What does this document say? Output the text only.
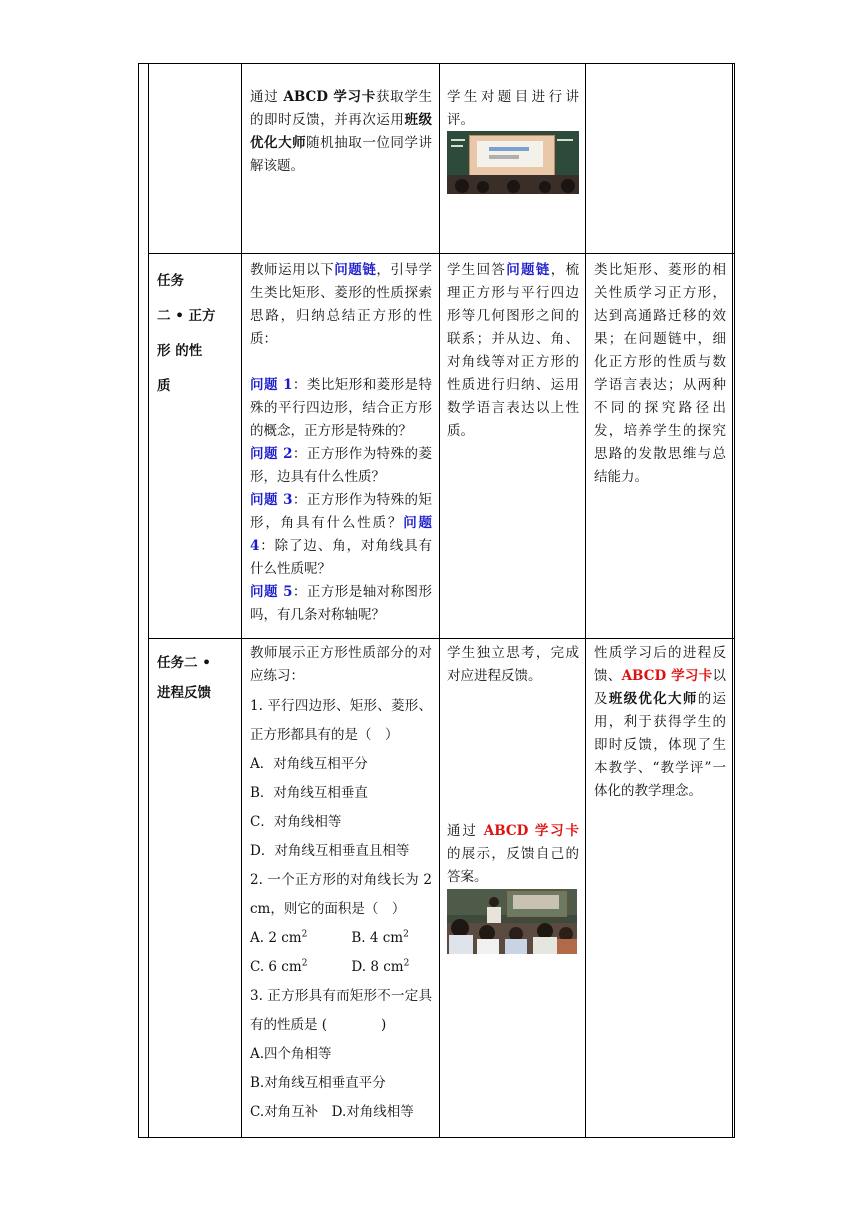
通过 ABCD 学习卡获取学生的即时反馈，并再次运用班级优化大师随机抽取一位同学讲解该题。

学生对题目进行讲评。

任务

二 • 正方

形 的性

质

教师运用以下问题链，引导学生类比矩形、菱形的性质探索思路，归纳总结正方形的性质：

问题 1：类比矩形和菱形是特殊的平行四边形，结合正方形的概念，正方形是特殊的？

问题 2：正方形作为特殊的菱形，边具有什么性质？

问题 3：正方形作为特殊的矩形，角具有什么性质？问题 4：除了边、角，对角线具有什么性质呢？

问题 5：正方形是轴对称图形吗，有几条对称轴呢？

学生回答问题链，梳理正方形与平行四边形等几何图形之间的联系；并从边、角、对角线等对正方形的性质进行归纳、运用数学语言表达以上性质。

类比矩形、菱形的相关性质学习正方形，达到高通路迁移的效果；在问题链中，细化正方形的性质与数学语言表达；从两种不同的探究路径出发，培养学生的探究思路的发散思维与总结能力。

任务二 •

进程反馈

教师展示正方形性质部分的对应练习：

1. 平行四边形、矩形、菱形、正方形都具有的是（　）

A．对角线互相平分

B．对角线互相垂直

C．对角线相等

D．对角线互相垂直且相等

2. 一个正方形的对角线长为 2 cm，则它的面积是（　）

A. 2 $cm^2$	B. 4 $cm^2$

C. 6 $cm^2$	D. 8 $cm^2$

3. 正方形具有而矩形不一定具有的性质是 (　　　　)

A.四个角相等

B.对角线互相垂直平分

C.对角互补　D.对角线相等

学生独立思考，完成对应进程反馈。

通过 ABCD 学习卡的展示，反馈自己的答案。
性质学习后的进程反馈、ABCD 学习卡以及班级优化大师的运用，利于获得学生的即时反馈，体现了生本教学、“教学评”一体化的教学理念。
